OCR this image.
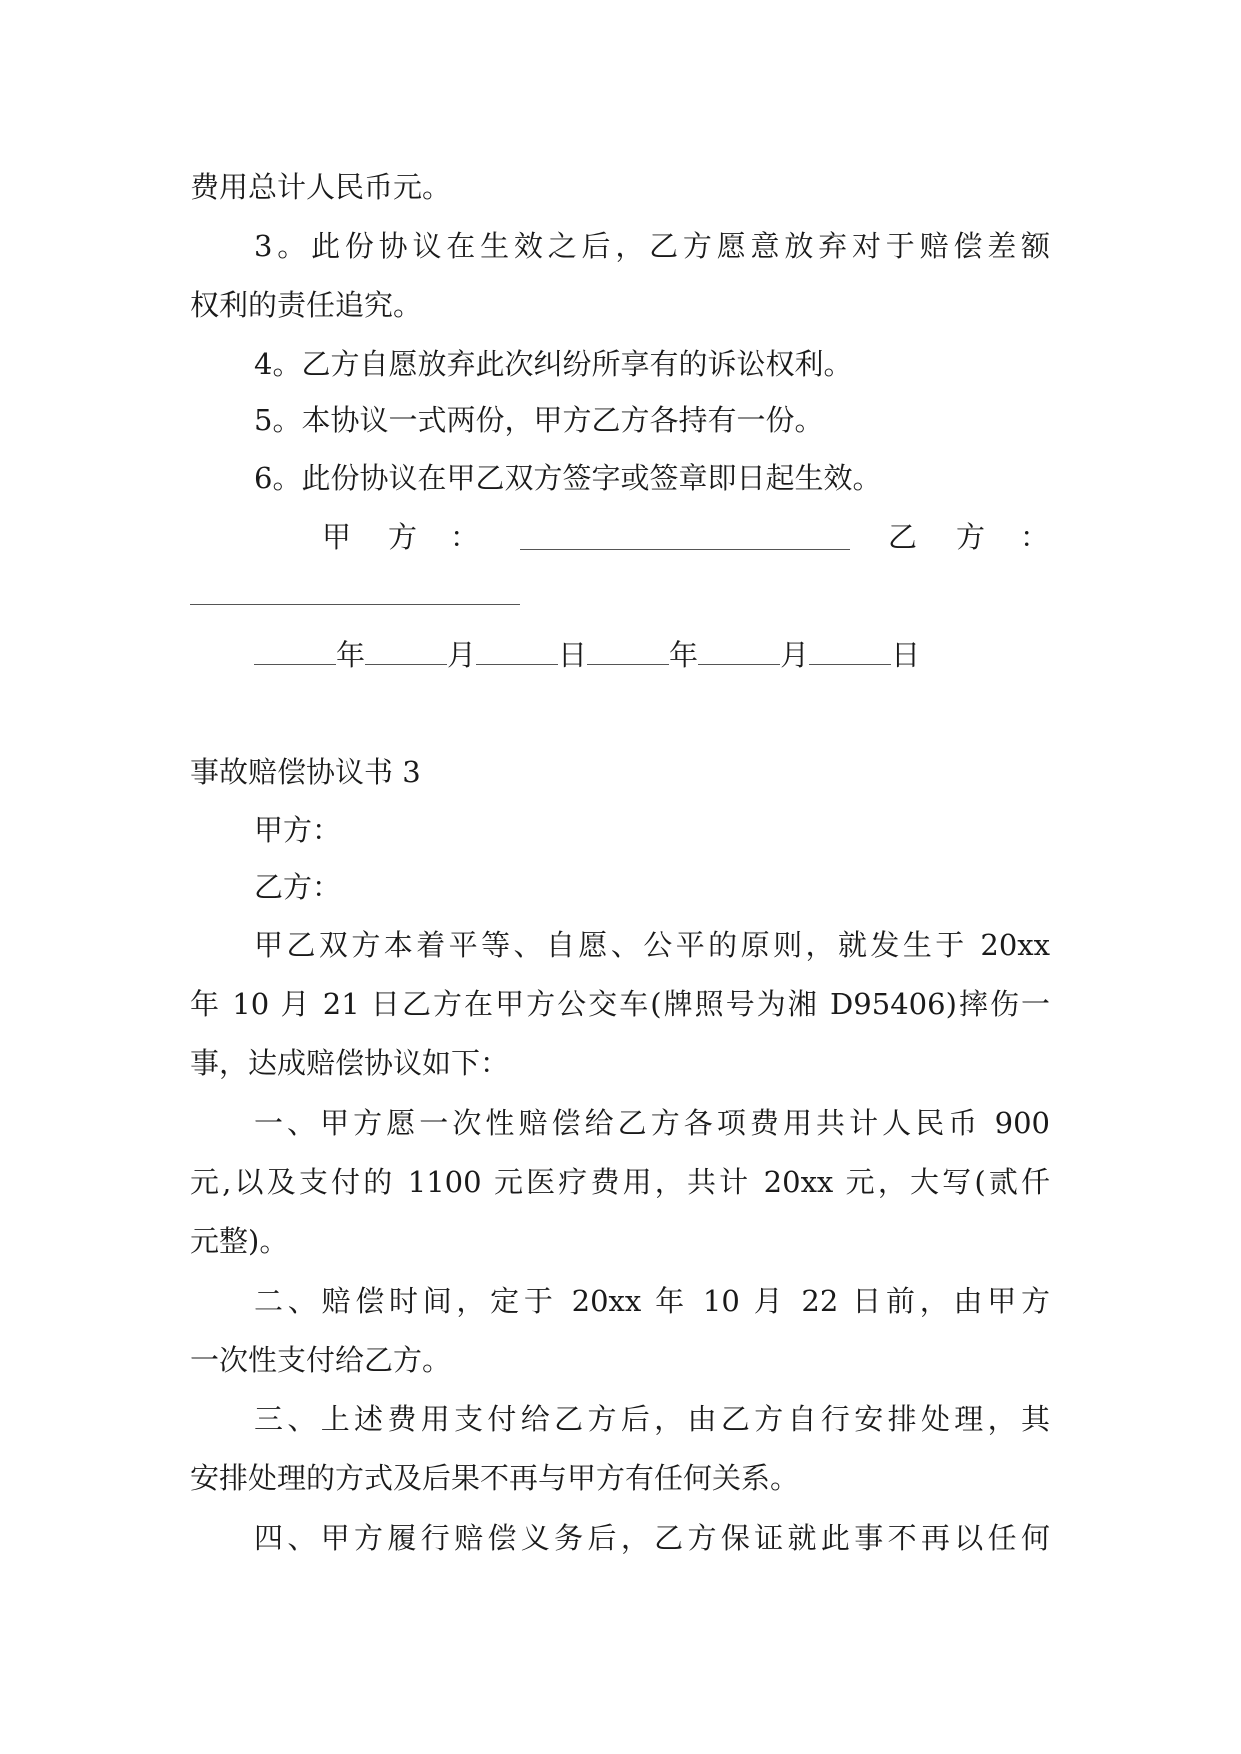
费用总计人民币元。
3。此份协议在生效之后，乙方愿意放弃对于赔偿差额
权利的责任追究。
4。乙方自愿放弃此次纠纷所享有的诉讼权利。
5。本协议一式两份，甲方乙方各持有一份。
6。此份协议在甲乙双方签字或签章即日起生效。
甲 方 ：	乙 方 ：
年	月	日	年	月	日
事故赔偿协议书 3
甲方：
乙方：
甲乙双方本着平等、自愿、公平的原则，就发生于 20xx
年 10 月 21 日乙方在甲方公交车(牌照号为湘 D95406)摔伤一
事，达成赔偿协议如下：
一、甲方愿一次性赔偿给乙方各项费用共计人民币 900
元,以及支付的 1100 元医疗费用，共计 20xx 元，大写(贰仟
元整)。
二、赔偿时间，定于 20xx 年 10 月 22 日前，由甲方
一次性支付给乙方。
三、上述费用支付给乙方后，由乙方自行安排处理，其
安排处理的方式及后果不再与甲方有任何关系。
四、甲方履行赔偿义务后，乙方保证就此事不再以任何
